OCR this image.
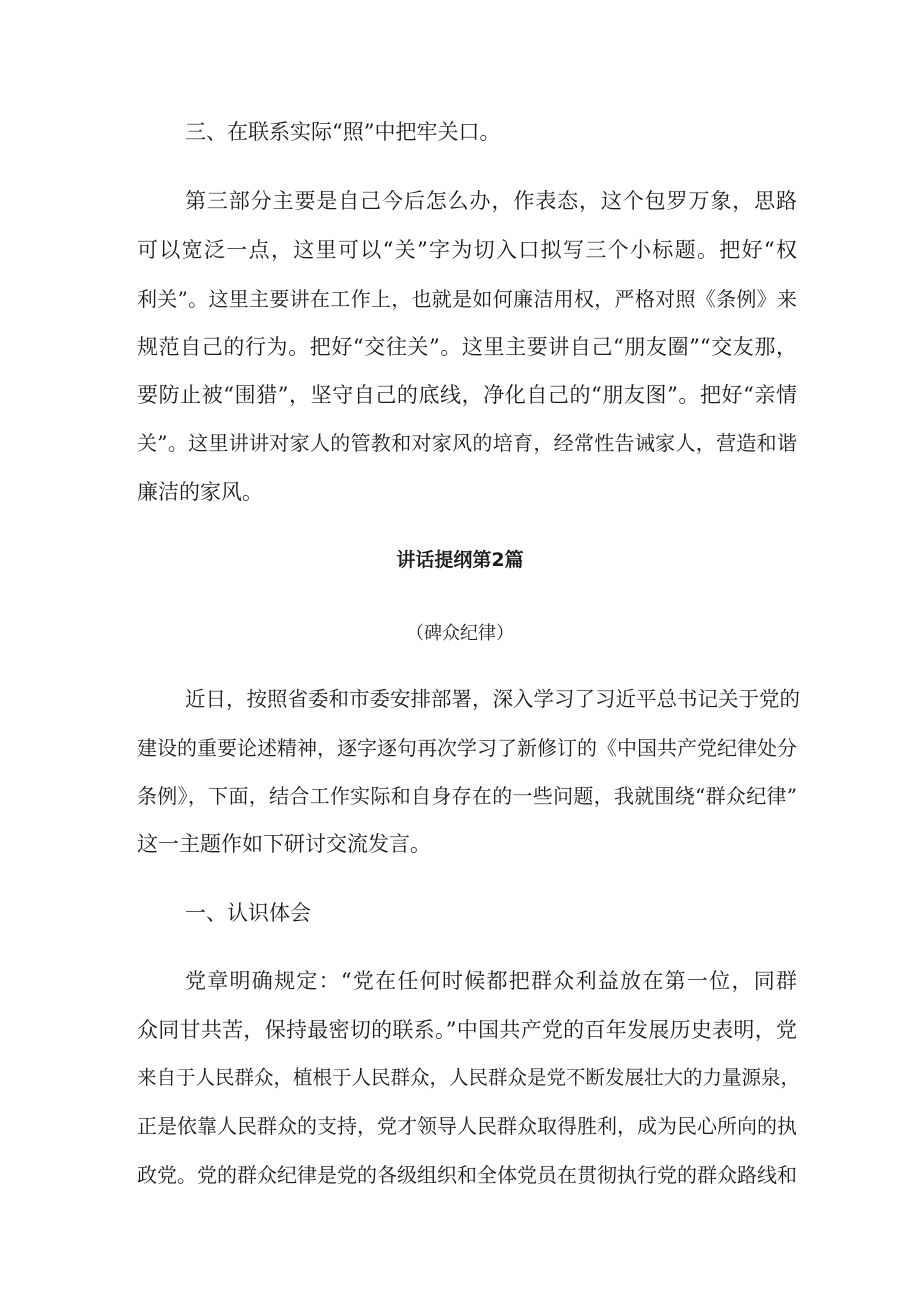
三、在联系实际“照”中把牢关口。
第三部分主要是自己今后怎么办，作表态，这个包罗万象，思路
可以宽泛一点，这里可以“关”字为切入口拟写三个小标题。把好“权
利关”。这里主要讲在工作上，也就是如何廉洁用权，严格对照《条例》来
规范自己的行为。把好“交往关”。这里主要讲自己“朋友圈”“交友那，
要防止被“围猎”，坚守自己的底线，净化自己的“朋友图”。把好“亲情
关”。这里讲讲对家人的管教和对家风的培育，经常性告诫家人，营造和谐
廉洁的家风。
讲话提纲第2篇
（碑众纪律）
近日，按照省委和市委安排部署，深入学习了习近平总书记关于党的
建设的重要论述精神，逐字逐句再次学习了新修订的《中国共产党纪律处分
条例》，下面，结合工作实际和自身存在的一些问题，我就围绕“群众纪律”
这一主题作如下研讨交流发言。
一、认识体会
党章明确规定：“党在任何时候都把群众利益放在第一位，同群
众同甘共苦，保持最密切的联系。”中国共产党的百年发展历史表明，党
来自于人民群众，植根于人民群众，人民群众是党不断发展壮大的力量源泉，
正是依靠人民群众的支持，党才领导人民群众取得胜利，成为民心所向的执
政党。党的群众纪律是党的各级组织和全体党员在贯彻执行党的群众路线和
